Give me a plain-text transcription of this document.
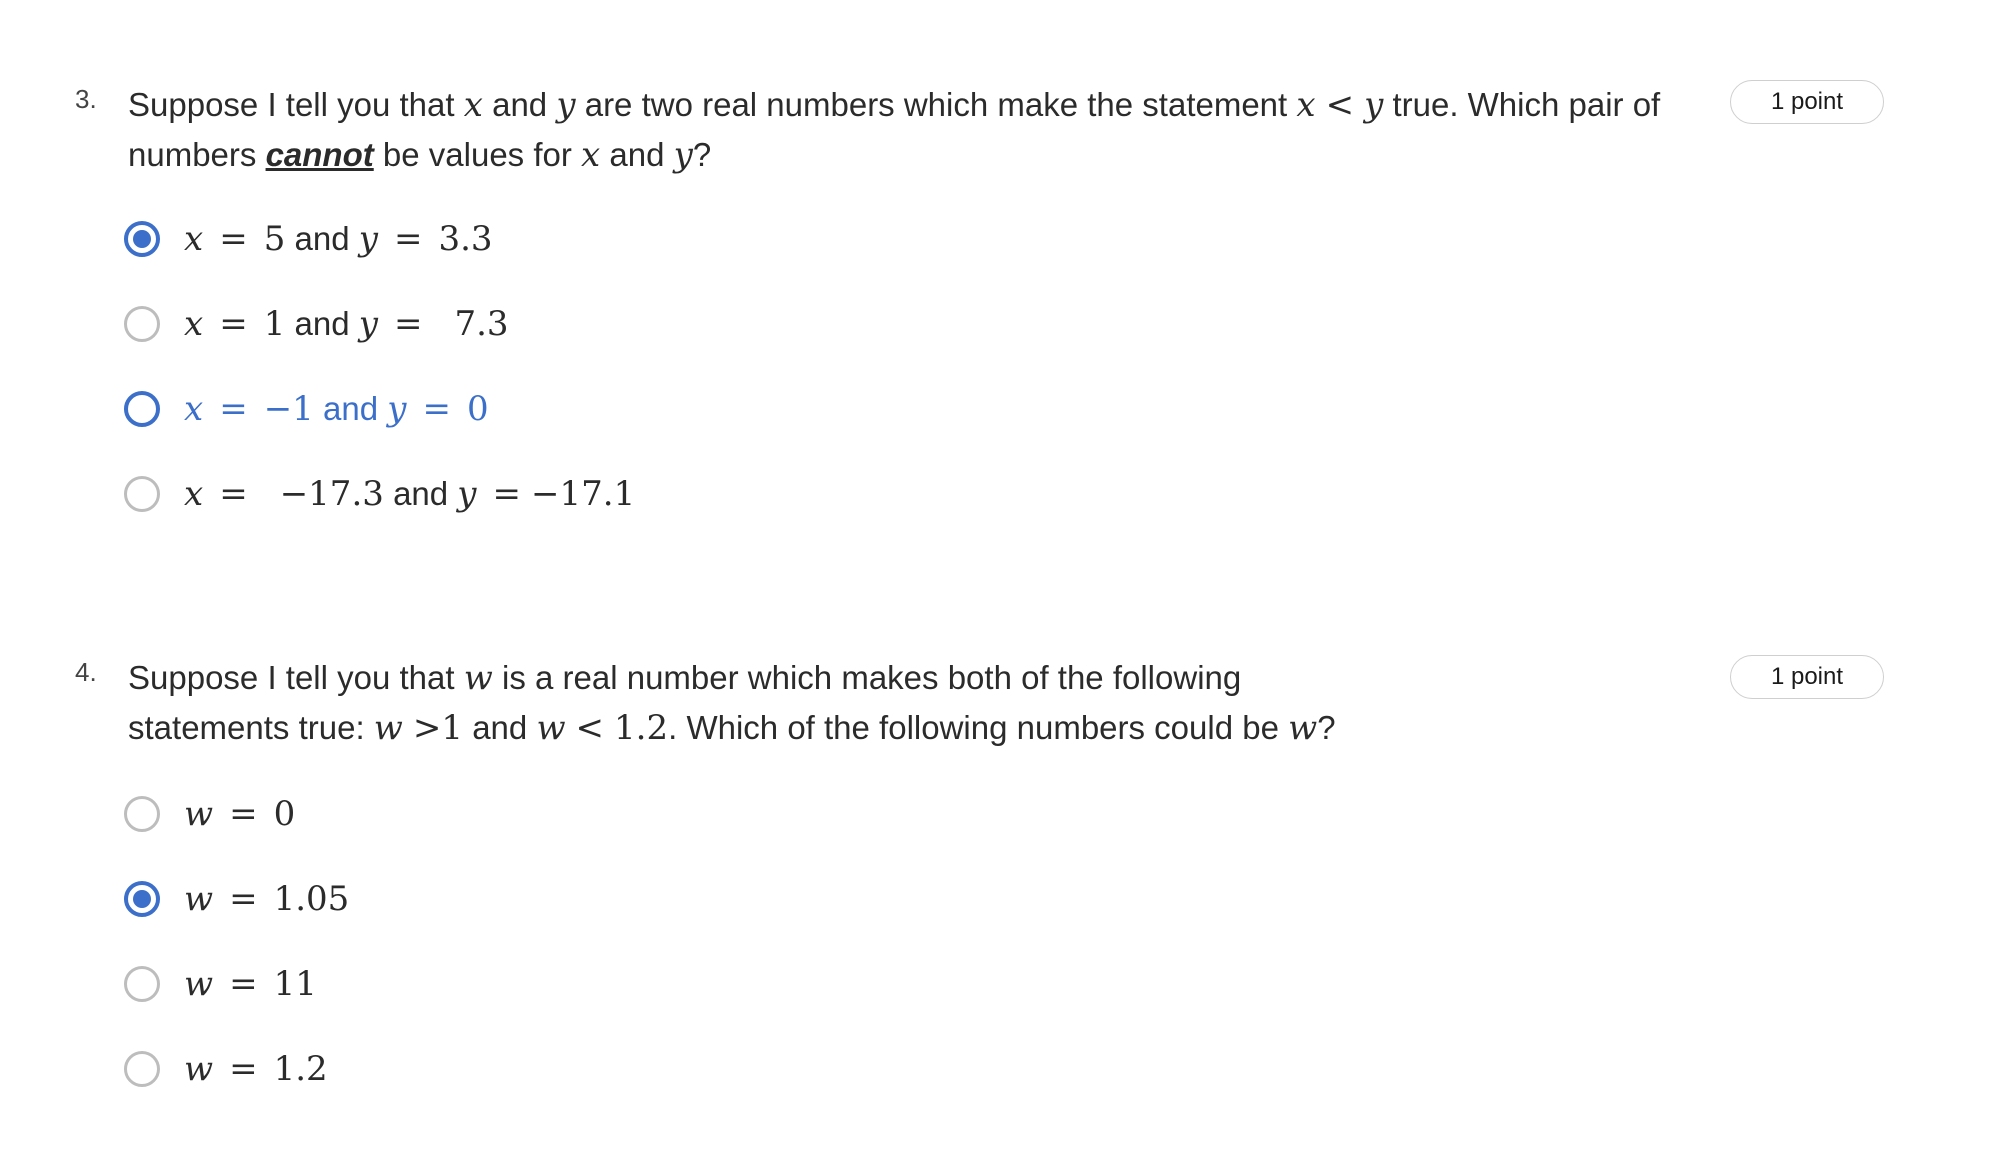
3. Suppose I tell you that x and y are two real numbers which make the statement x < y true. Which pair of numbers cannot be values for x and y?
1 point
x = 5 and y = 3.3
x = 1 and y = 7.3
x = −1 and y = 0
x = −17.3 and y = −17.1
4. Suppose I tell you that w is a real number which makes both of the following statements true: w >1 and w < 1.2. Which of the following numbers could be w?
1 point
w = 0
w = 1.05
w = 11
w = 1.2
